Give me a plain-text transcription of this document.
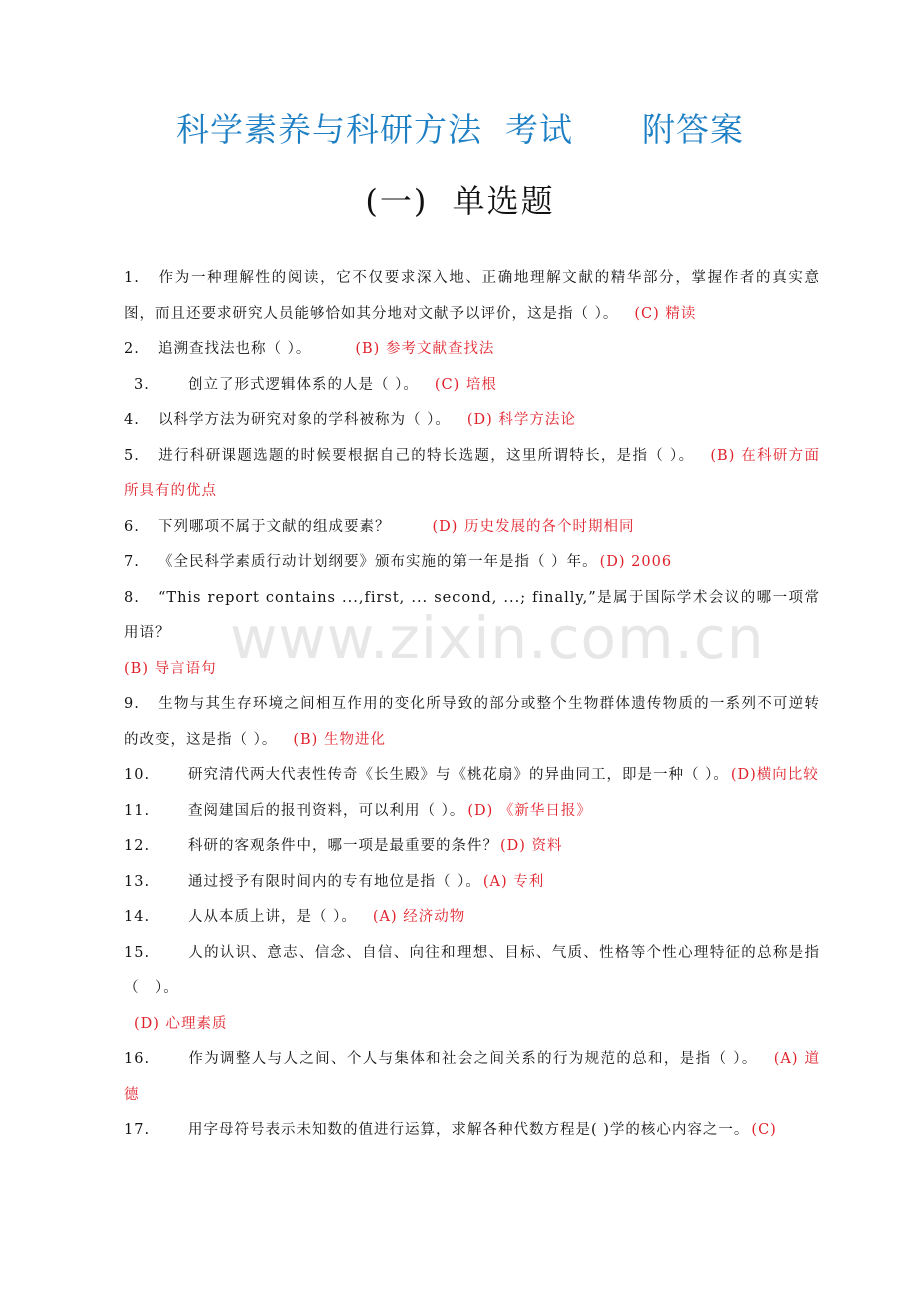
科学素养与科研方法  考试      附答案
(一)  单选题
www.zixin.com.cn
1. 作为一种理解性的阅读，它不仅要求深入地、正确地理解文献的精华部分，掌握作者的真实意图，而且还要求研究人员能够恰如其分地对文献予以评价，这是指（ ）。 (C) 精读
2. 追溯查找法也称（ ）。	(B) 参考文献查找法
3.	创立了形式逻辑体系的人是（ ）。 (C) 培根
4. 以科学方法为研究对象的学科被称为（ ）。 (D) 科学方法论
5. 进行科研课题选题的时候要根据自己的特长选题，这里所谓特长，是指（ ）。 (B) 在科研方面所具有的优点
6. 下列哪项不属于文献的组成要素？	(D) 历史发展的各个时期相同
7. 《全民科学素质行动计划纲要》颁布实施的第一年是指（ ）年。 (D) 2006
8. “This report contains ...,first, ... second, ...; finally,”是属于国际学术会议的哪一项常用语？
(B) 导言语句
9. 生物与其生存环境之间相互作用的变化所导致的部分或整个生物群体遗传物质的一系列不可逆转的改变，这是指（ ）。 (B) 生物进化
10.	研究清代两大代表性传奇《长生殿》与《桃花扇》的异曲同工，即是一种（ ）。 (D)横向比较
11.	查阅建国后的报刊资料，可以利用（ ）。 (D) 《新华日报》
12.	科研的客观条件中，哪一项是最重要的条件？ (D) 资料
13.	通过授予有限时间内的专有地位是指（ ）。 (A) 专利
14.	人从本质上讲，是（ ）。 (A) 经济动物
15.	人的认识、意志、信念、自信、向往和理想、目标、气质、性格等个性心理特征的总称是指（　）。
(D) 心理素质
16.	作为调整人与人之间、个人与集体和社会之间关系的行为规范的总和，是指（ ）。 (A) 道德
17.	用字母符号表示未知数的值进行运算，求解各种代数方程是( )学的核心内容之一。 (C)
